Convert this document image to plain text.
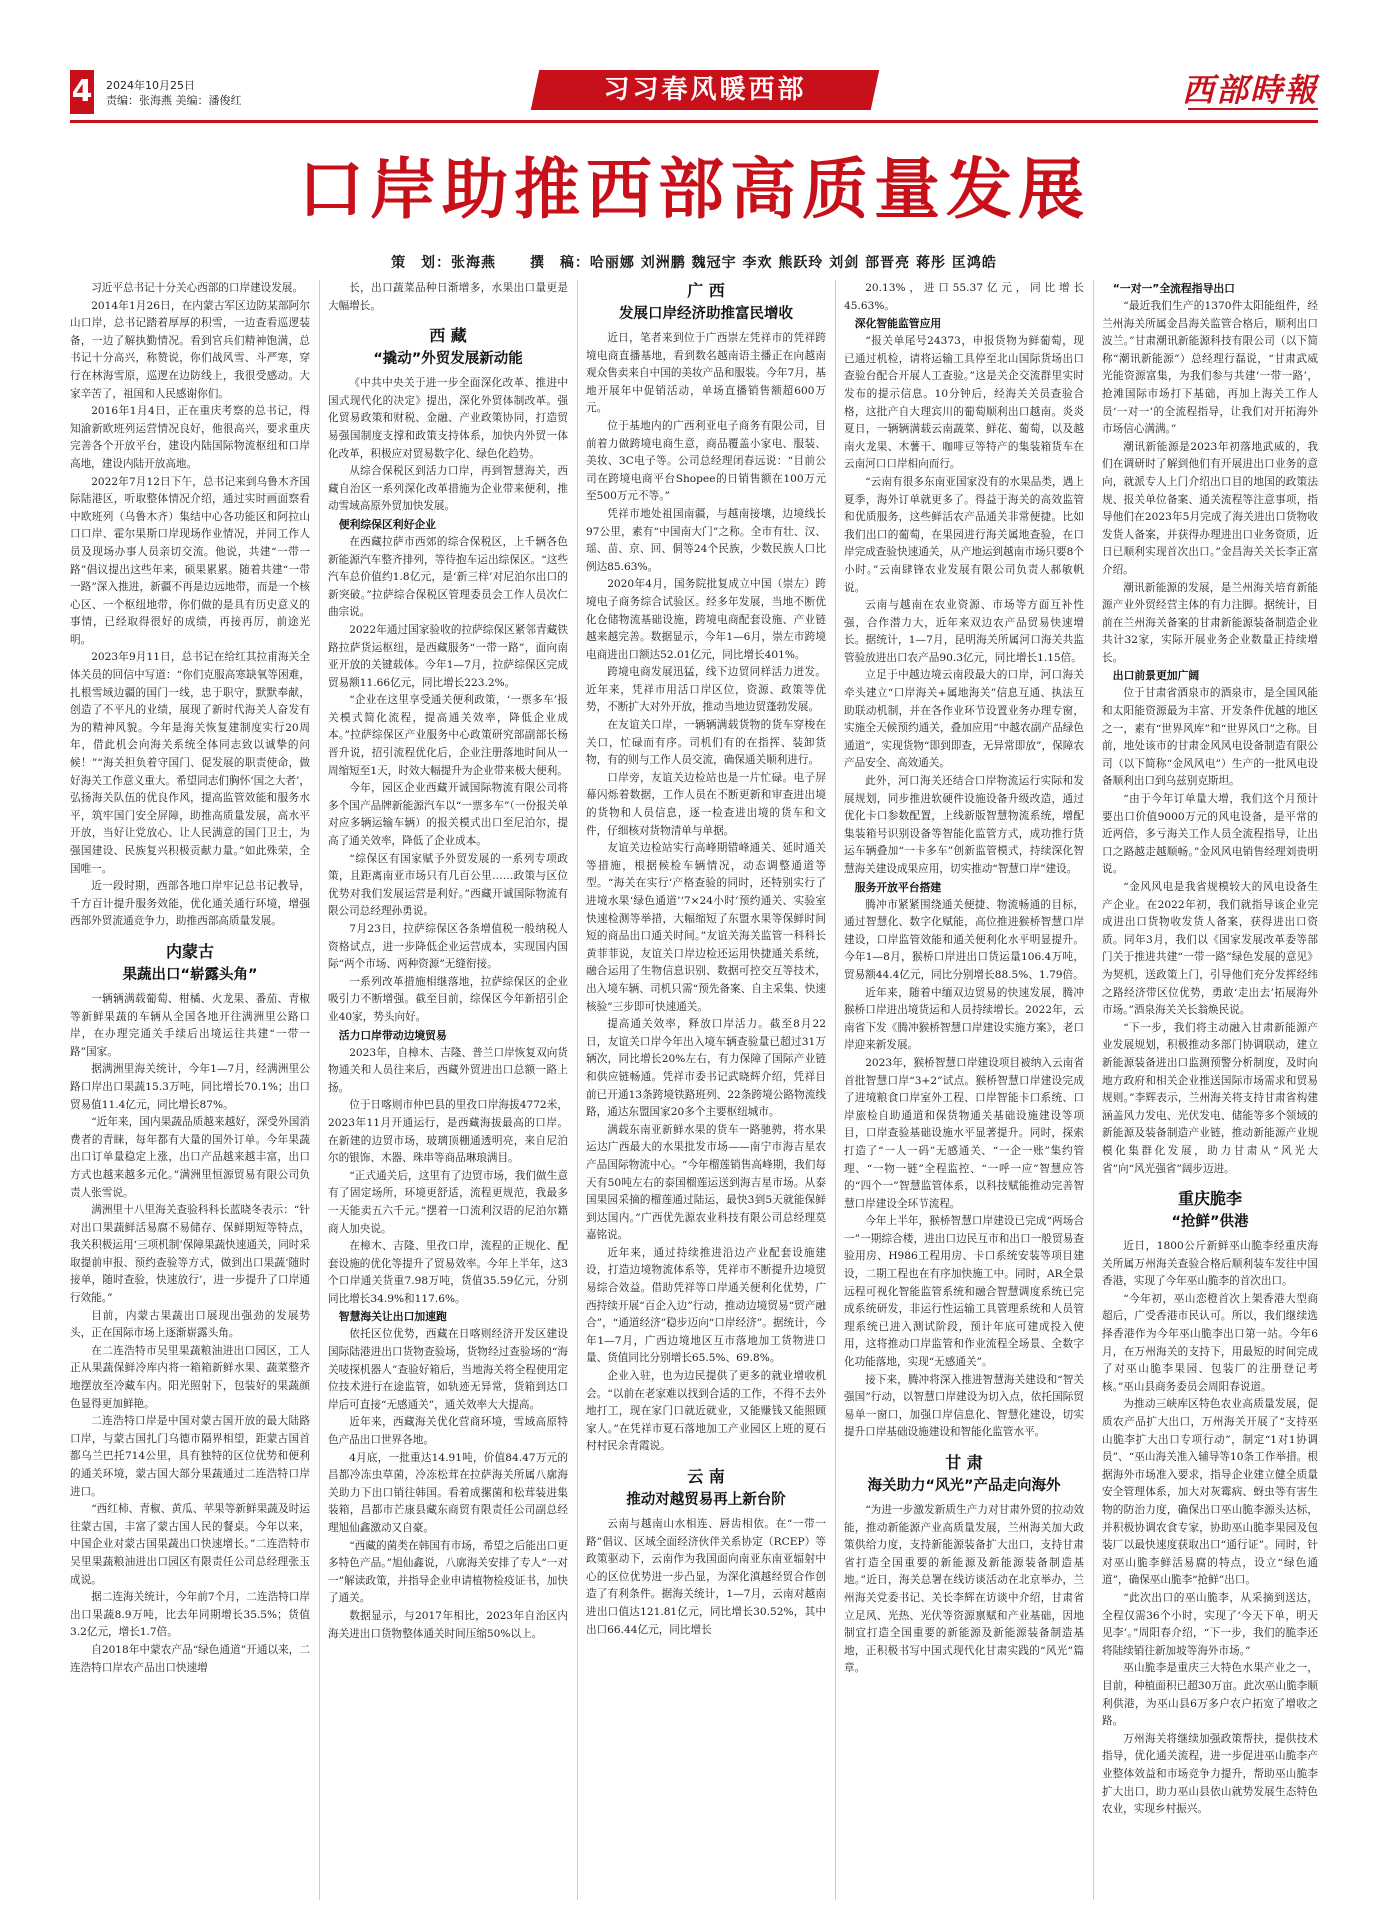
4 2024年10月25日
责编：张海燕 美编：潘俊红	习习春风暖西部	西部時報
口岸助推西部高质量发展
策　划：张海燕 撰　稿：哈丽娜 刘洲鹏 魏冠宇 李欢 熊跃玲 刘剑 部晋亮 蒋彤 匡鸿皓

习近平总书记十分关心西部的口岸建设发展。

2014年1月26日，在内蒙古军区边防某部阿尔山口岸，总书记踏着厚厚的积雪，一边查看巡逻装备，一边了解执勤情况。看到官兵们精神饱满，总书记十分高兴，称赞说，你们战风雪、斗严寒，穿行在林海雪原，巡逻在边防线上，我很受感动。大家辛苦了，祖国和人民感谢你们。

2016年1月4日，正在重庆考察的总书记，得知渝新欧班列运营情况良好，他很高兴，要求重庆完善各个开放平台，建设内陆国际物流枢纽和口岸高地，建设内陆开放高地。

2022年7月12日下午，总书记来到乌鲁木齐国际陆港区，听取整体情况介绍，通过实时画面察看中欧班列（乌鲁木齐）集结中心各功能区和阿拉山口口岸、霍尔果斯口岸现场作业情况，并同工作人员及现场办事人员亲切交流。他说，共建“一带一路”倡议提出这些年来，硕果累累。随着共建“一带一路”深入推进，新疆不再是边远地带，而是一个核心区、一个枢纽地带，你们做的是具有历史意义的事情，已经取得很好的成绩，再接再厉，前途光明。

2023年9月11日，总书记在给红其拉甫海关全体关员的回信中写道：“你们克服高寒缺氧等困难，扎根雪域边疆的国门一线，忠于职守，默默奉献，创造了不平凡的业绩，展现了新时代海关人奋发有为的精神风貌。今年是海关恢复建制度实行20周年，借此机会向海关系统全体同志致以诚挚的问候！”“海关担负着守国门、促发展的职责使命，做好海关工作意义重大。希望同志们胸怀‘国之大者’，弘扬海关队伍的优良作风，提高监管效能和服务水平，筑牢国门安全屏障，助推高质量发展，高水平开放，当好让党放心、让人民满意的国门卫士，为强国建设、民族复兴积极贡献力量。”如此殊荣，全国唯一。

近一段时期，西部各地口岸牢记总书记教导，千方百计提升服务效能，优化通关通行环境，增强西部外贸流通竞争力，助推西部高质量发展。

内蒙古
果蔬出口“崭露头角”

一辆辆满载葡萄、柑橘、火龙果、番茄、青椒等新鲜果蔬的车辆从全国各地开往满洲里公路口岸，在办理完通关手续后出境运往共建“一带一路”国家。

据满洲里海关统计，今年1—7月，经满洲里公路口岸出口果蔬15.3万吨，同比增长70.1%；出口贸易值11.4亿元，同比增长87%。

“近年来，国内果蔬品质越来越好，深受外国消费者的青睐，每年都有大量的国外订单。今年果蔬出口订单量稳定上涨，出口产品越来越丰富，出口方式也越来越多元化。”满洲里恒源贸易有限公司负责人张雪说。

满洲里十八里海关查验科科长蓝晓冬表示：“针对出口果蔬鲜活易腐不易储存、保鲜期短等特点，我关积极运用‘三项机制’保障果蔬快速通关，同时采取提前申报、预约查验等方式，做到出口果蔬‘随时接单，随时查验，快速放行’，进一步提升了口岸通行效能。”

目前，内蒙古果蔬出口展现出强劲的发展势头，正在国际市场上逐渐崭露头角。

在二连浩特市吴里果蔬粮油进出口园区，工人正从果蔬保鲜冷库内将一箱箱新鲜水果、蔬菜整齐地摆放至冷藏车内。阳光照射下，包装好的果蔬颜色显得更加鲜艳。

二连浩特口岸是中国对蒙古国开放的最大陆路口岸，与蒙古国扎门乌德市隔界相望，距蒙古国首都乌兰巴托714公里，具有独特的区位优势和便利的通关环境，蒙古国大部分果蔬通过二连浩特口岸进口。

“西红柿、青椒、黄瓜、苹果等新鲜果蔬及时运往蒙古国，丰富了蒙古国人民的餐桌。今年以来，中国企业对蒙古国果蔬出口快速增长。”二连浩特市吴里果蔬粮油进出口园区有限责任公司总经理张玉成说。

据二连海关统计，今年前7个月，二连浩特口岸出口果蔬8.9万吨，比去年同期增长35.5%；货值3.2亿元，增长1.7倍。

自2018年中蒙农产品“绿色通道”开通以来，二连浩特口岸农产品出口快速增

长，出口蔬菜品种日渐增多，水果出口量更是大幅增长。

西 藏
“撬动”外贸发展新动能

《中共中央关于进一步全面深化改革、推进中国式现代化的决定》提出，深化外贸体制改革。强化贸易政策和财税、金融、产业政策协同，打造贸易强国制度支撑和政策支持体系，加快内外贸一体化改革，积极应对贸易数字化、绿色化趋势。

从综合保税区到活力口岸，再到智慧海关，西藏自治区一系列深化改革措施为企业带来便利，推动雪域高原外贸加快发展。

便利综保区利好企业

在西藏拉萨市西郊的综合保税区，上千辆各色新能源汽车整齐排列，等待抱车运出综保区。“这些汽车总价值约1.8亿元，是‘新三样’对尼泊尔出口的新突破。”拉萨综合保税区管理委员会工作人员次仁曲宗说。

2022年通过国家验收的拉萨综保区紧邻青藏铁路拉萨货运枢纽，是西藏服务“一带一路”，面向南亚开放的关键载体。今年1—7月，拉萨综保区完成贸易额11.66亿元，同比增长223.2%。

“企业在这里享受通关便利政策，‘一票多车’报关模式简化流程，提高通关效率，降低企业成本。”拉萨综保区产业服务中心政策研究部副部长杨晋升说，招引流程优化后，企业注册落地时间从一周缩短至1天，时效大幅提升为企业带来极大便利。

今年，园区企业西藏开诚国际物流有限公司将多个国产品牌新能源汽车以“一票多车”（一份报关单对应多辆运输车辆）的报关模式出口至尼泊尔，提高了通关效率，降低了企业成本。

“综保区有国家赋予外贸发展的一系列专项政策，且距离南亚市场只有几百公里……政策与区位优势对我们发展运营是利好。”西藏开诚国际物流有限公司总经理孙勇说。

7月23日，拉萨综保区各条增值税一般纳税人资格试点，进一步降低企业运营成本，实现国内国际“两个市场、两种资源”无缝衔接。

一系列改革措施相继落地，拉萨综保区的企业吸引力不断增强。截至目前，综保区今年新招引企业40家，势头向好。

活力口岸带动边境贸易

2023年，自樟木、吉隆、普兰口岸恢复双向货物通关和人员往来后，西藏外贸进出口总额一路上扬。

位于日喀则市仲巴县的里孜口岸海拔4772米，2023年11月开通运行，是西藏海拔最高的口岸。在新建的边贸市场，玻璃顶棚通透明亮，来自尼泊尔的银饰、木器、珠串等商品琳琅满目。

“正式通关后，这里有了边贸市场，我们做生意有了固定场所，环境更舒适，流程更规范，我最多一天能卖五六千元。”摆着一口流利汉语的尼泊尔籍商人加央说。

在樟木、吉隆、里孜口岸，流程的正规化、配套设施的优化等提升了贸易效率。今年上半年，这3个口岸通关货重7.98万吨，货值35.59亿元，分别同比增长34.9%和117.6%。

智慧海关让出口加速跑

依托区位优势，西藏在日喀则经济开发区建设国际陆港进出口货物查验场，货物经过查验场的“海关唛探机器人”查验好箱后，当地海关将全程使用定位技术进行在途监管，如轨迹无异常，货箱到达口岸后可直接“无感通关”，通关效率大大提高。

近年来，西藏海关优化营商环境，雪域高原特色产品出口世界各地。

4月底，一批重达14.91吨，价值84.47万元的昌都冷冻虫草菌，冷冻松茸在拉萨海关所属八廓海关助力下出口销往韩国。看着成摞菌和松茸装进集装箱，昌都市芒康县藏东商贸有限责任公司副总经理旭仙鑫激动又自豪。

“西藏的菌类在韩国有市场，希望之后能出口更多特色产品。”旭仙鑫说，八廓海关安排了专人“一对一”解读政策，并指导企业申请植物检疫证书，加快了通关。

数据显示，与2017年相比，2023年自治区内海关进出口货物整体通关时间压缩50%以上。

广 西
发展口岸经济助推富民增收

近日，笔者来到位于广西崇左凭祥市的凭祥跨境电商直播基地，看到数名越南语主播正在向越南观众售卖来自中国的美妆产品和服装。今年7月，基地开展年中促销活动，单场直播销售额超600万元。

位于基地内的广西利亚电子商务有限公司，目前着力做跨境电商生意，商品覆盖小家电、服装、美妆、3C电子等。公司总经理闭春远说：“目前公司在跨境电商平台Shopee的日销售额在100万元至500万元不等。”

凭祥市地处祖国南疆，与越南接壤，边境线长97公里，素有“中国南大门”之称。全市有壮、汉、瑶、苗、京、回、侗等24个民族，少数民族人口比例达85.63%。

2020年4月，国务院批复成立中国（崇左）跨境电子商务综合试验区。经多年发展，当地不断优化仓储物流基础设施，跨境电商配套设施、产业链越来越完善。数据显示，今年1—6月，崇左市跨境电商进出口额达52.01亿元，同比增长401%。

跨境电商发展迅猛，线下边贸同样活力迸发。近年来，凭祥市用活口岸区位，资源、政策等优势，不断扩大对外开放，推动当地边贸蓬勃发展。

在友谊关口岸，一辆辆满载货物的货车穿梭在关口，忙碌而有序。司机们有的在指挥、装卸货物，有的则与工作人员交流，确保通关顺利进行。

口岸旁，友谊关边检站也是一片忙碌。电子屏幕闪烁着数据，工作人员在不断更新和审查进出境的货物和人员信息，逐一检查进出境的货车和文件，仔细核对货物清单与单据。

友谊关边检站实行高峰期错峰通关、延时通关等措施，根据候检车辆情况，动态调整通道等型。“海关在实行‘产格查验的同时，还特别实行了进境水果‘绿色通道’‘7×24小时’预约通关、实验室快速检测等举措，大幅缩短了东盟水果等保鲜时间短的商品出口通关时间。”友谊关海关监管一科科长黄菲菲说，友谊关口岸边检还运用快捷通关系统，融合运用了生物信息识别、数据可控交互等技术，出入境车辆、司机只需“预先备案、自主采集、快速核验”三步即可快速通关。

提高通关效率，释放口岸活力。截至8月22日，友谊关口岸今年出入境车辆查验量已超过31万辆次，同比增长20%左右，有力保障了国际产业链和供应链畅通。凭祥市委书记武晓辉介绍，凭祥目前已开通13条跨境铁路班列、22条跨境公路物流线路，通达东盟国家20多个主要枢纽城市。

满载东南亚新鲜水果的货车一路驰骋，将水果运达广西最大的水果批发市场——南宁市海吉星农产品国际物流中心。“今年榴莲销售高峰期，我们每天有50吨左右的泰国榴莲运送到海吉星市场。从泰国果园采摘的榴莲通过陆运，最快3到5天就能保鲜到达国内。”广西优先源农业科技有限公司总经理莫嘉铭说。

近年来，通过持续推进沿边产业配套设施建设，打造边境物流体系等，凭祥市不断提升边境贸易综合效益。借助凭祥等口岸通关便利化优势，广西持续开展“百企入边”行动，推动边境贸易“贸产融合”，“通道经济”稳步迈向“口岸经济”。据统计，今年1—7月，广西边境地区互市落地加工货物进口量、货值同比分别增长65.5%、69.8%。

企业入驻，也为边民提供了更多的就业增收机会。“以前在老家难以找到合适的工作，不得不去外地打工，现在家门口就近就业，又能赚钱又能照顾家人。”在凭祥市夏石落地加工产业园区上班的夏石村村民余青霞说。

云 南
推动对越贸易再上新台阶

云南与越南山水相连、唇齿相依。在“一带一路”倡议、区域全面经济伙伴关系协定（RCEP）等政策驱动下，云南作为我国面向南亚东南亚辐射中心的区位优势进一步凸显，为深化滇越经贸合作创造了有利条件。据海关统计，1—7月，云南对越南进出口值达121.81亿元，同比增长30.52%，其中出口66.44亿元，同比增长

20.13%，进口55.37亿元，同比增长45.63%。

深化智能监管应用

“报关单尾号24373，申报货物为鲜葡萄，现已通过机检，请将运输工具停至北山国际货场出口查验台配合开展人工查验。”这是关企交流群里实时发布的提示信息。10分钟后，经海关关员查验合格，这批产自大理宾川的葡萄顺利出口越南。炎炎夏日，一辆辆满载云南蔬菜、鲜花、葡萄，以及越南火龙果、木薯干、咖啡豆等特产的集装箱货车在云南河口口岸相向而行。

“云南有很多东南亚国家没有的水果品类，遇上夏季，海外订单就更多了。得益于海关的高效监管和优质服务，这些鲜活农产品通关非常便捷。比如我们出口的葡萄，在果园进行海关属地查验，在口岸完成查验快速通关，从产地运到越南市场只要8个小时。”云南肆锋农业发展有限公司负责人郝敏帆说。

云南与越南在农业资源、市场等方面互补性强，合作潜力大，近年来双边农产品贸易快速增长。据统计，1—7月，昆明海关所属河口海关共监管验放进出口农产品90.3亿元，同比增长1.15倍。

立足于中越边境云南段最大的口岸，河口海关牵头建立“口岸海关+属地海关”信息互通、执法互助联动机制，并在各作业环节设置业务办理专窗，实施全天候预约通关，叠加应用“中越农副产品绿色通道”，实现货物“即到即查，无异常即放”，保障农产品安全、高效通关。

此外，河口海关还结合口岸物流运行实际和发展规划，同步推进软硬件设施设备升级改造，通过优化卡口参数配置，上线新版智慧物流系统，增配集装箱号识别设备等智能化监管方式，成功推行货运车辆叠加“一卡多车”创新监管模式，持续深化智慧海关建设成果应用，切实推动“智慧口岸”建设。

服务开放平台搭建

腾冲市紧紧围绕通关便捷、物流畅通的目标，通过智慧化、数字化赋能，高位推进猴桥智慧口岸建设，口岸监管效能和通关便利化水平明显提升。今年1—8月，猴桥口岸进出口货运量106.4万吨，贸易额44.4亿元，同比分别增长88.5%、1.79倍。

近年来，随着中缅双边贸易的快速发展，腾冲猴桥口岸进出境货运和人员持续增长。2022年，云南省下发《腾冲猴桥智慧口岸建设实施方案》，老口岸迎来新发展。

2023年，猴桥智慧口岸建设项目被纳入云南省首批智慧口岸“3+2”试点。猴桥智慧口岸建设完成了进境粮食口岸室外工程、口岸智能卡口系统、口岸旅检自助通道和保货物通关基础设施建设等项目，口岸查验基础设施水平显著提升。同时，探索打造了“一人一码”无感通关、“一企一账”集约管理、“一物一链”全程监控、“一呼一应”智慧应答的“四个一”智慧监管体系，以科技赋能推动完善智慧口岸建设全环节流程。

今年上半年，猴桥智慧口岸建设已完成“两场合一”一期综合楼，进出口边民互市和出口一般贸易查验用房、H986工程用房、卡口系统安装等项目建设，二期工程也在有序加快施工中。同时，AR全景远程可视化智能监管系统和融合智慧调度系统已完成系统研发，非运行性运输工具管理系统和人员管理系统已进入测试阶段，预计年底可建成投入使用，这将推动口岸监管和作业流程全场景、全数字化功能落地，实现“无感通关”。

接下来，腾冲将深入推进智慧海关建设和“智关强国”行动，以智慧口岸建设为切入点，依托国际贸易单一窗口，加强口岸信息化、智慧化建设，切实提升口岸基础设施建设和智能化监管水平。

甘 肃
海关助力“风光”产品走向海外

“为进一步激发新质生产力对甘肃外贸的拉动效能，推动新能源产业高质量发展，兰州海关加大政策供给力度，支持新能源装备扩大出口，支持甘肃省打造全国重要的新能源及新能源装备制造基地。”近日，海关总署在线访谈活动在北京举办，兰州海关党委书记、关长李辉在访谈中介绍，甘肃省立足风、光热、光伏等资源禀赋和产业基础，因地制宜打造全国重要的新能源及新能源装备制造基地，正积极书写中国式现代化甘肃实践的“风光”篇章。

“一对一”全流程指导出口

“最近我们生产的1370件太阳能组件，经兰州海关所属金昌海关监管合格后，顺利出口波兰。”甘肃潮讯新能源科技有限公司（以下简称“潮讯新能源”）总经理行磊说，“甘肃武威光能资源富集，为我们参与共建‘一带一路’，抢滩国际市场打下基础，再加上海关工作人员‘一对一’的全流程指导，让我们对开拓海外市场信心满满。”

潮讯新能源是2023年初落地武威的，我们在调研时了解到他们有开展进出口业务的意向，就派专人上门介绍出口目的地国的政策法规、报关单位备案、通关流程等注意事项，指导他们在2023年5月完成了海关进出口货物收发货人备案，并获得办理进出口业务资质，近日已顺利实现首次出口。”金昌海关关长李正富介绍。

潮讯新能源的发展，是兰州海关培育新能源产业外贸经营主体的有力注脚。据统计，目前在兰州海关备案的甘肃新能源装备制造企业共计32家，实际开展业务企业数量正持续增长。

出口前景更加广阔

位于甘肃省酒泉市的酒泉市，是全国风能和太阳能资源最为丰富、开发条件优越的地区之一，素有“世界风库”和“世界风口”之称。目前，地处该市的甘肃金风风电设备制造有限公司（以下简称“金风风电”）生产的一批风电设备顺利出口到乌兹别克斯坦。

“由于今年订单量大增，我们这个月预计要出口价值9000万元的风电设备，是平常的近两倍，多亏海关工作人员全流程指导，让出口之路越走越顺畅。”金风风电销售经理刘贵明说。

“金风风电是我省规模较大的风电设备生产企业。在2022年初，我们就指导该企业完成进出口货物收发货人备案，获得进出口资质。同年3月，我们以《国家发展改革委等部门关于推进共建“一带一路”绿色发展的意见》为契机，送政策上门，引导他们充分发挥经纬之路经济带区位优势，勇敢‘走出去’拓展海外市场。”酒泉海关关长翁焕民说。

“下一步，我们将主动融入甘肃新能源产业发展规划，积极推动多部门协调联动，建立新能源装备进出口监测预警分析制度，及时向地方政府和相关企业推送国际市场需求和贸易规则。”李辉表示，兰州海关将支持甘肃省构建涵盖风力发电、光伏发电、储能等多个领域的新能源及装备制造产业链，推动新能源产业规模化集群化发展，助力甘肃从“风光大省”向“风光强省”阔步迈进。

重庆脆李
“抢鲜”供港

近日，1800公斤新鲜巫山脆李经重庆海关所属万州海关查验合格后顺利装车发往中国香港，实现了今年巫山脆李的首次出口。

“今年初，巫山恋橙首次上架香港大型商超后，广受香港市民认可。所以，我们继续选择香港作为今年巫山脆李出口第一站。今年6月，在万州海关的支持下，用最短的时间完成了对巫山脆李果园、包装厂的注册登记考核。”巫山县商务委员会周阳春说道。

为推动三峡库区特色农业高质量发展，促质农产品扩大出口，万州海关开展了“支持巫山脆李扩大出口专项行动”，制定“1对1协调员”、“巫山海关准入辅导等10条工作举措。根据海外市场准入要求，指导企业建立健全质量安全管理体系，加大对灰霉病、蚜虫等有害生物的防治力度，确保出口巫山脆李源头达标，并积极协调农食专家，协助巫山脆李果园及包装厂以最快速度获取出口“通行证”。同时，针对巫山脆李鲜活易腐的特点，设立“绿色通道”，确保巫山脆李“抢鲜”出口。

“此次出口的巫山脆李，从采摘到送达，全程仅需36个小时，实现了‘今天下单，明天见李’。”周阳春介绍，“下一步，我们的脆李还将陆续销往新加坡等海外市场。”

巫山脆李是重庆三大特色水果产业之一，目前，种植面积已超30万亩。此次巫山脆李顺利供港，为巫山县6万多户农户拓宽了增收之路。

万州海关将继续加强政策帮扶，提供技术指导，优化通关流程，进一步促进巫山脆李产业整体效益和市场竞争力提升，帮助巫山脆李扩大出口，助力巫山县依山就势发展生态特色农业，实现乡村振兴。
